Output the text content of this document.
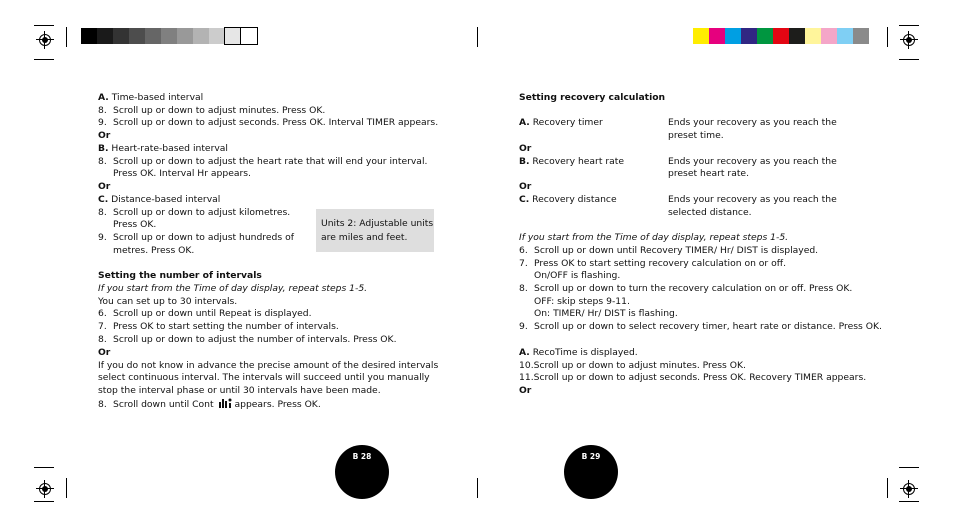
A. Time-based interval
8. Scroll up or down to adjust minutes. Press OK.
9. Scroll up or down to adjust seconds. Press OK. Interval TIMER appears.
Or
B. Heart-rate-based interval
8. Scroll up or down to adjust the heart rate that will end your interval.
Press OK. Interval Hr appears.
Or
C. Distance-based interval
8. Scroll up or down to adjust kilometres.
Press OK.
9. Scroll up or down to adjust hundreds of
metres. Press OK.
Units 2: Adjustable units
are miles and feet.
Setting the number of intervals
If you start from the Time of day display, repeat steps 1-5.
You can set up to 30 intervals.
6. Scroll up or down until Repeat is displayed.
7. Press OK to start setting the number of intervals.
8. Scroll up or down to adjust the number of intervals. Press OK.
Or
If you do not know in advance the precise amount of the desired intervals
select continuous interval. The intervals will succeed until you manually
stop the interval phase or until 30 intervals have been made.
8. Scroll down until Cont appears. Press OK.
B 28
Setting recovery calculation
A. Recovery timer	Ends your recovery as you reach the
preset time.
Or
B. Recovery heart rate	Ends your recovery as you reach the
preset heart rate.
Or
C. Recovery distance	Ends your recovery as you reach the
selected distance.
If you start from the Time of day display, repeat steps 1-5.
6. Scroll up or down until Recovery TIMER/ Hr/ DIST is displayed.
7. Press OK to start setting recovery calculation on or off.
On/OFF is flashing.
8. Scroll up or down to turn the recovery calculation on or off. Press OK.
OFF: skip steps 9-11.
On: TIMER/ Hr/ DIST is flashing.
9. Scroll up or down to select recovery timer, heart rate or distance. Press OK.
A. RecoTime is displayed.
10.Scroll up or down to adjust minutes. Press OK.
11.Scroll up or down to adjust seconds. Press OK. Recovery TIMER appears.
Or
B 29
